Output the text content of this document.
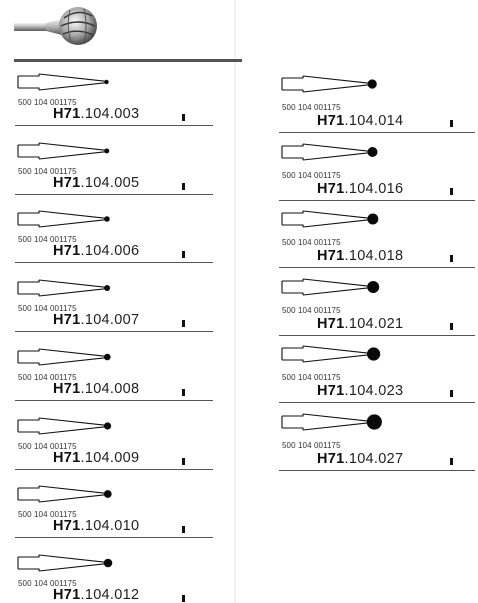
500 104 001175
H71.104.003
500 104 001175
H71.104.005
500 104 001175
H71.104.006
500 104 001175
H71.104.007
500 104 001175
H71.104.008
500 104 001175
H71.104.009
500 104 001175
H71.104.010
500 104 001175
H71.104.012
500 104 001175
H71.104.014
500 104 001175
H71.104.016
500 104 001175
H71.104.018
500 104 001175
H71.104.021
500 104 001175
H71.104.023
500 104 001175
H71.104.027
